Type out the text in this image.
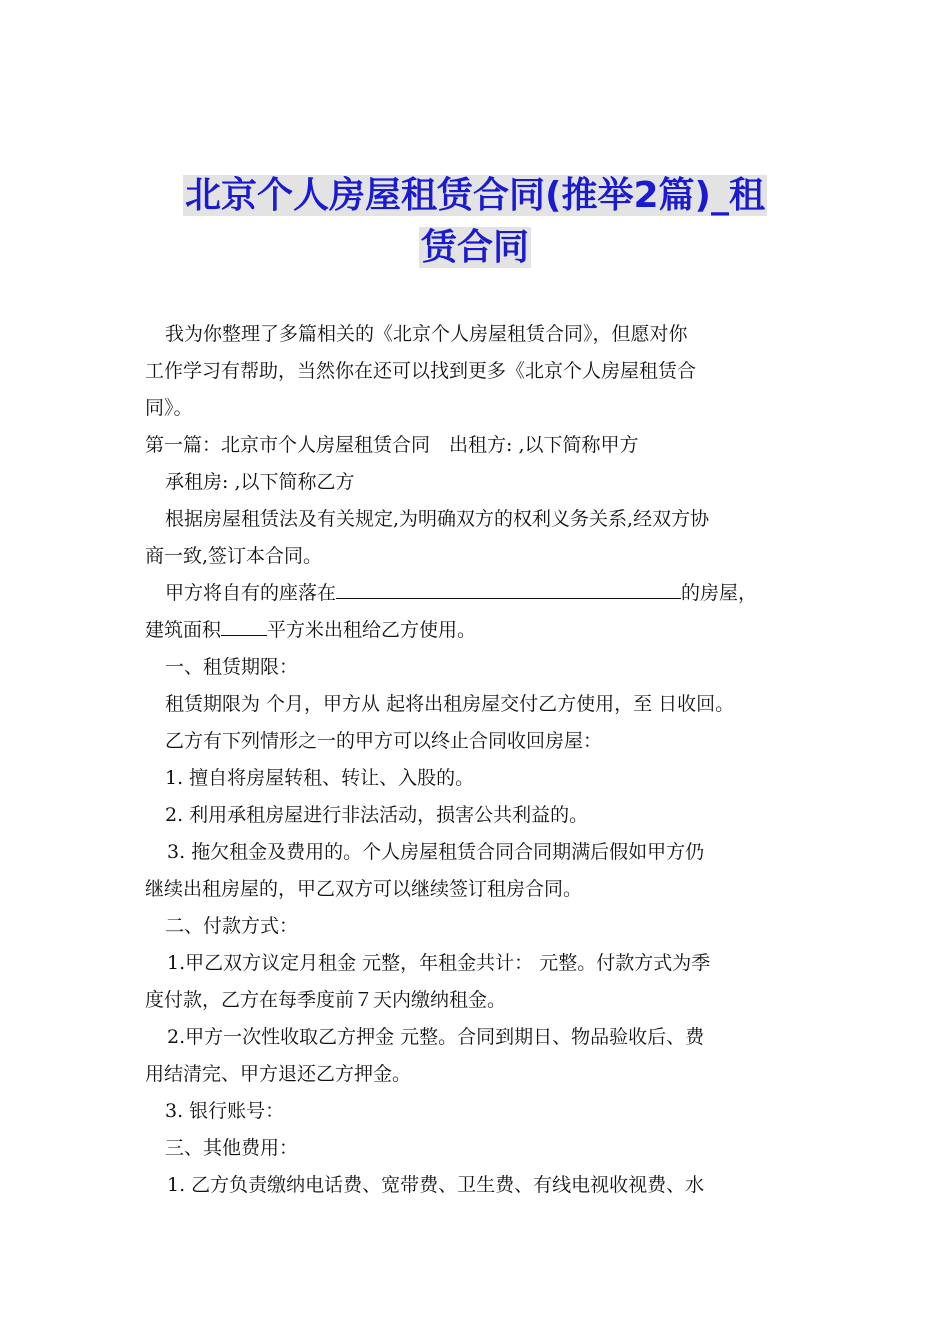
北京个人房屋租赁合同(推举2篇)_租
赁合同

我为你整理了多篇相关的《北京个人房屋租赁合同》，但愿对你

工作学习有帮助，当然你在还可以找到更多《北京个人房屋租赁合

同》。

第一篇：北京市个人房屋租赁合同　出租方: ,以下简称甲方

承租房: ,以下简称乙方

根据房屋租赁法及有关规定,为明确双方的权利义务关系,经双方协

商一致,签订本合同。

甲方将自有的座落在	的房屋，

建筑面积 平方米出租给乙方使用。

一、租赁期限：

租赁期限为 个月，甲方从 起将出租房屋交付乙方使用，至 日收回。

乙方有下列情形之一的甲方可以终止合同收回房屋：

1. 擅自将房屋转租、转让、入股的。

2. 利用承租房屋进行非法活动，损害公共利益的。

3. 拖欠租金及费用的。个人房屋租赁合同合同期满后假如甲方仍

继续出租房屋的，甲乙双方可以继续签订租房合同。

二、付款方式：

1.甲乙双方议定月租金 元整，年租金共计： 元整。付款方式为季

度付款，乙方在每季度前７天内缴纳租金。

2.甲方一次性收取乙方押金 元整。合同到期日、物品验收后、费

用结清完、甲方退还乙方押金。

3. 银行账号：

三、其他费用：

1. 乙方负责缴纳电话费、宽带费、卫生费、有线电视收视费、水
